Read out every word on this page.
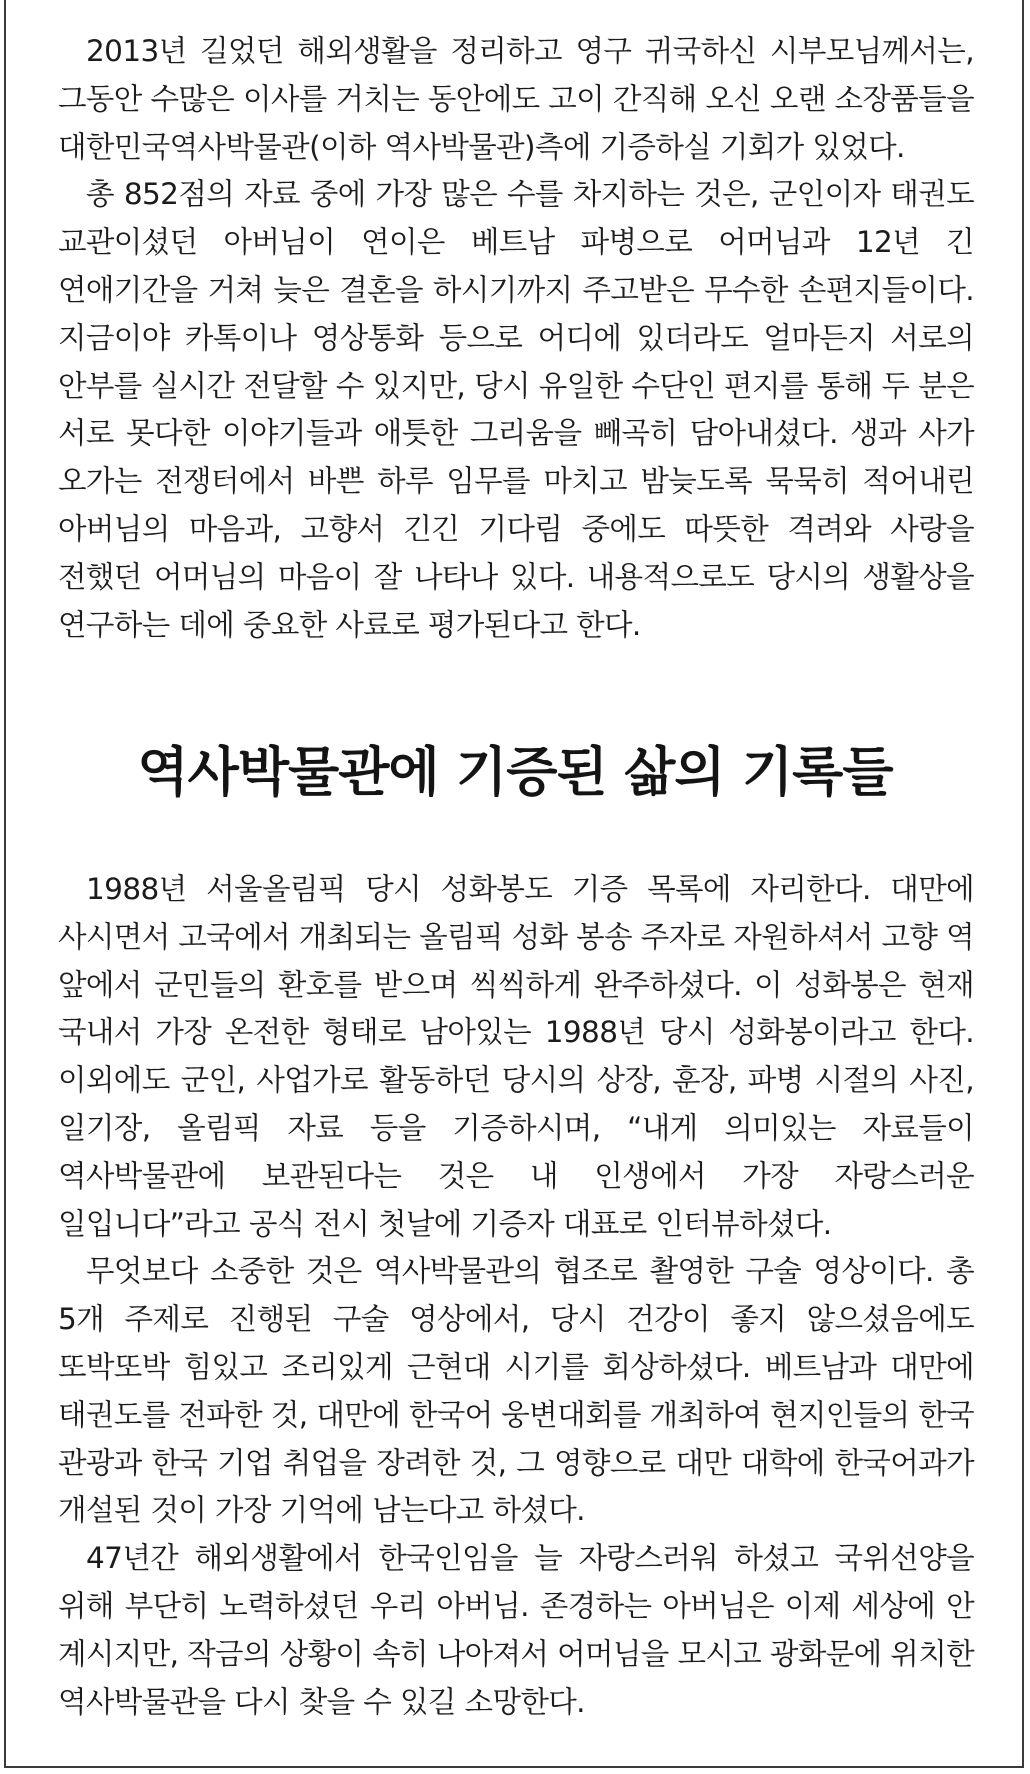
2013년 길었던 해외생활을 정리하고 영구 귀국하신 시부모님께서는, 그동안 수많은 이사를 거치는 동안에도 고이 간직해 오신 오랜 소장품들을 대한민국역사박물관(이하 역사박물관)측에 기증하실 기회가 있었다.

총 852점의 자료 중에 가장 많은 수를 차지하는 것은, 군인이자 태권도 교관이셨던 아버님이 연이은 베트남 파병으로 어머님과 12년 긴 연애기간을 거쳐 늦은 결혼을 하시기까지 주고받은 무수한 손편지들이다. 지금이야 카톡이나 영상통화 등으로 어디에 있더라도 얼마든지 서로의 안부를 실시간 전달할 수 있지만, 당시 유일한 수단인 편지를 통해 두 분은 서로 못다한 이야기들과 애틋한 그리움을 빼곡히 담아내셨다. 생과 사가 오가는 전쟁터에서 바쁜 하루 임무를 마치고 밤늦도록 묵묵히 적어내린 아버님의 마음과, 고향서 긴긴 기다림 중에도 따뜻한 격려와 사랑을 전했던 어머님의 마음이 잘 나타나 있다. 내용적으로도 당시의 생활상을 연구하는 데에 중요한 사료로 평가된다고 한다.

역사박물관에 기증된 삶의 기록들

1988년 서울올림픽 당시 성화봉도 기증 목록에 자리한다. 대만에 사시면서 고국에서 개최되는 올림픽 성화 봉송 주자로 자원하셔서 고향 역 앞에서 군민들의 환호를 받으며 씩씩하게 완주하셨다. 이 성화봉은 현재 국내서 가장 온전한 형태로 남아있는 1988년 당시 성화봉이라고 한다. 이외에도 군인, 사업가로 활동하던 당시의 상장, 훈장, 파병 시절의 사진, 일기장, 올림픽 자료 등을 기증하시며, “내게 의미있는 자료들이 역사박물관에 보관된다는 것은 내 인생에서 가장 자랑스러운 일입니다”라고 공식 전시 첫날에 기증자 대표로 인터뷰하셨다.

무엇보다 소중한 것은 역사박물관의 협조로 촬영한 구술 영상이다. 총 5개 주제로 진행된 구술 영상에서, 당시 건강이 좋지 않으셨음에도 또박또박 힘있고 조리있게 근현대 시기를 회상하셨다. 베트남과 대만에 태권도를 전파한 것, 대만에 한국어 웅변대회를 개최하여 현지인들의 한국 관광과 한국 기업 취업을 장려한 것, 그 영향으로 대만 대학에 한국어과가 개설된 것이 가장 기억에 남는다고 하셨다.

47년간 해외생활에서 한국인임을 늘 자랑스러워 하셨고 국위선양을 위해 부단히 노력하셨던 우리 아버님. 존경하는 아버님은 이제 세상에 안 계시지만, 작금의 상황이 속히 나아져서 어머님을 모시고 광화문에 위치한 역사박물관을 다시 찾을 수 있길 소망한다.
